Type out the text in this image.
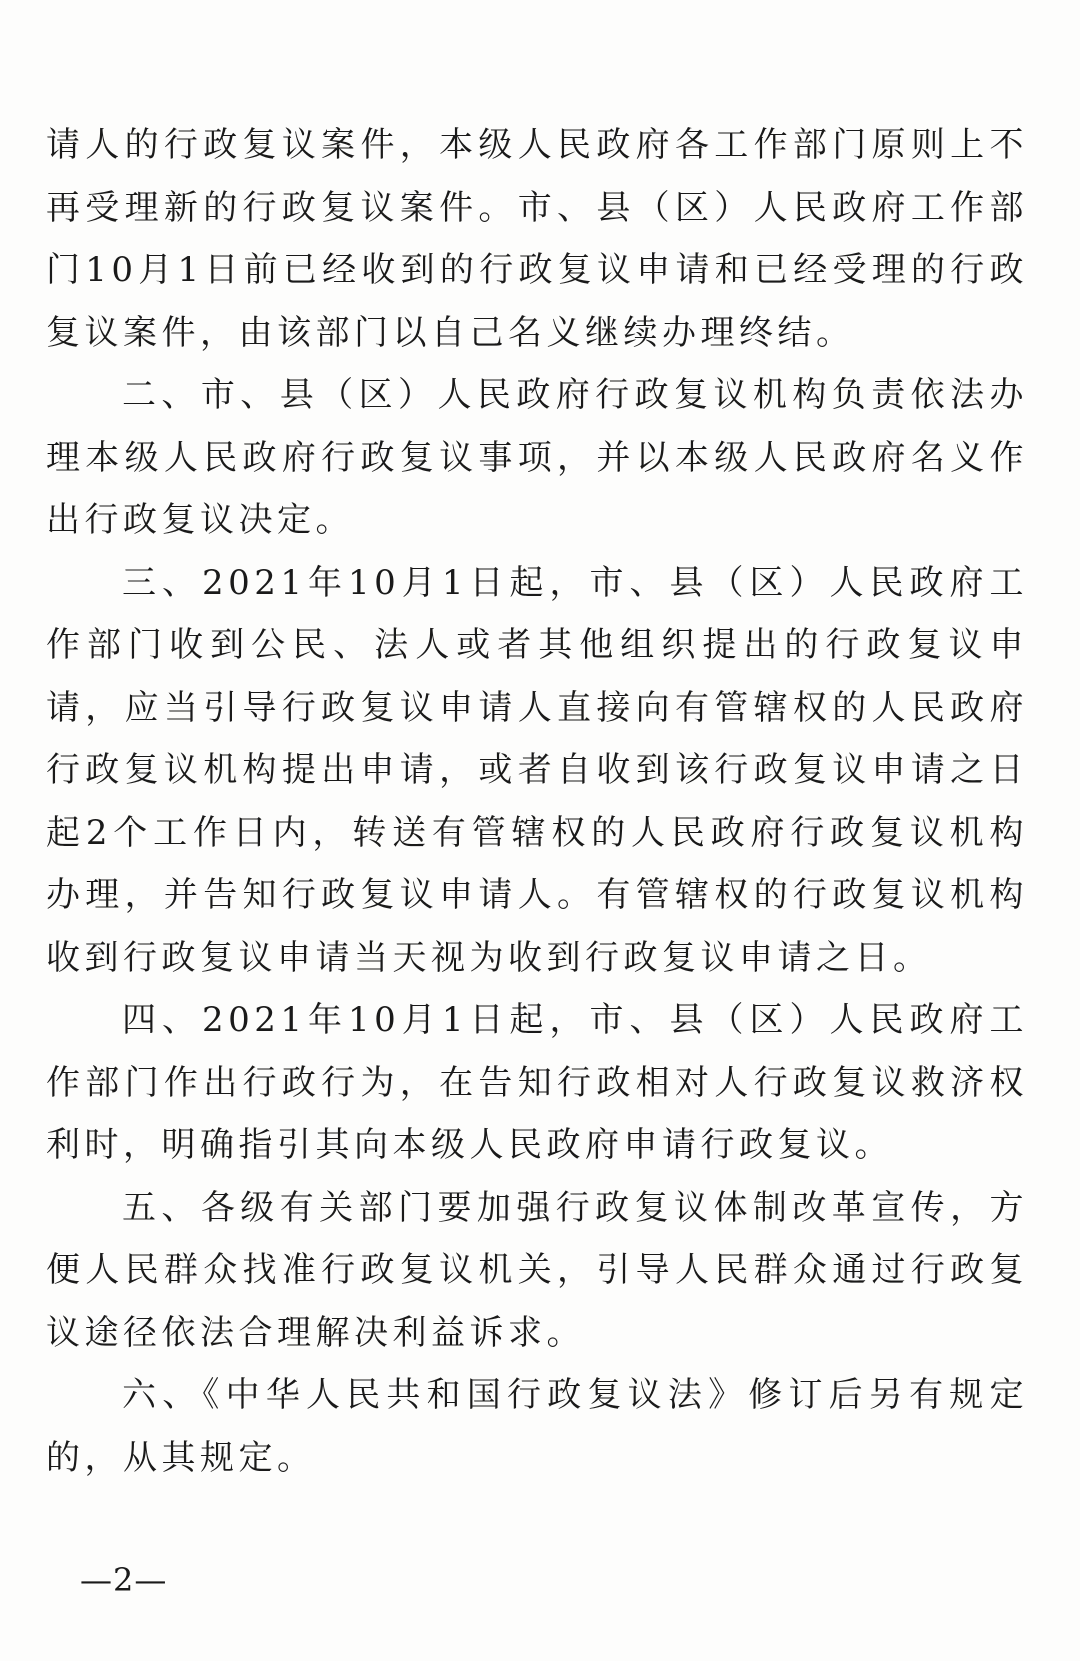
请人的行政复议案件，本级人民政府各工作部门原则上不再受理新的行政复议案件。市、县（区）人民政府工作部门10月1日前已经收到的行政复议申请和已经受理的行政复议案件，由该部门以自己名义继续办理终结。

二、市、县（区）人民政府行政复议机构负责依法办理本级人民政府行政复议事项，并以本级人民政府名义作出行政复议决定。

三、2021年10月1日起，市、县（区）人民政府工作部门收到公民、法人或者其他组织提出的行政复议申请，应当引导行政复议申请人直接向有管辖权的人民政府行政复议机构提出申请，或者自收到该行政复议申请之日起2个工作日内，转送有管辖权的人民政府行政复议机构办理，并告知行政复议申请人。有管辖权的行政复议机构收到行政复议申请当天视为收到行政复议申请之日。

四、2021年10月1日起，市、县（区）人民政府工作部门作出行政行为，在告知行政相对人行政复议救济权利时，明确指引其向本级人民政府申请行政复议。

五、各级有关部门要加强行政复议体制改革宣传，方便人民群众找准行政复议机关，引导人民群众通过行政复议途径依法合理解决利益诉求。

六、《中华人民共和国行政复议法》修订后另有规定的，从其规定。

—2—
